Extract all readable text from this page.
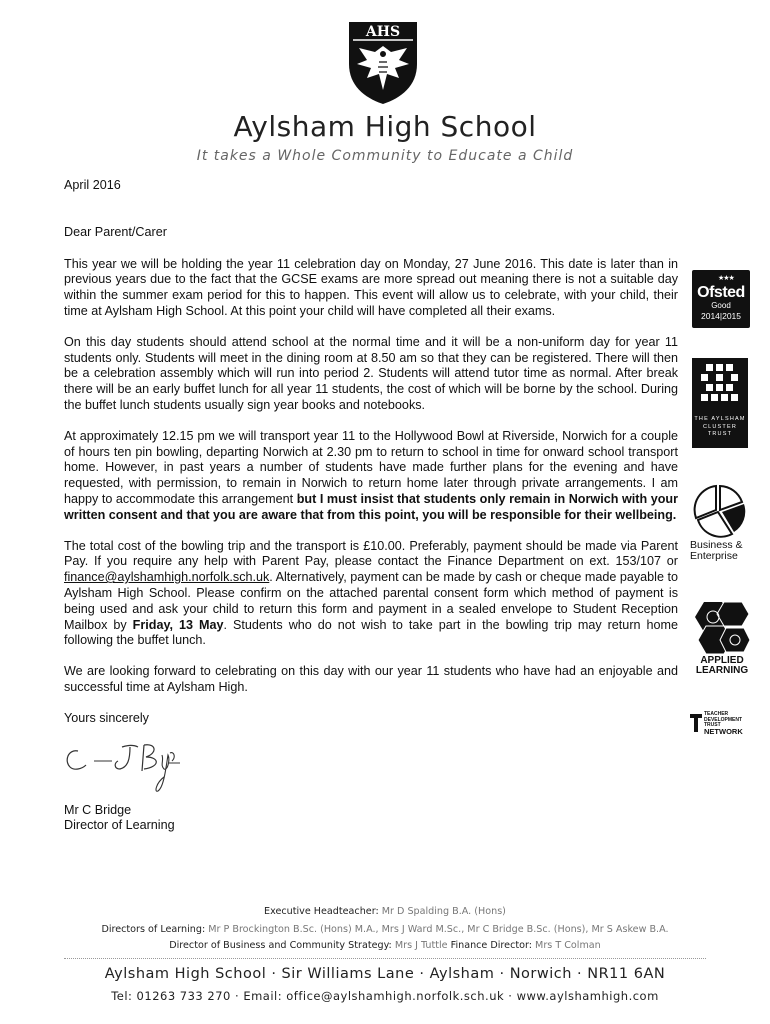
AHS
Aylsham High School
It takes a Whole Community to Educate a Child

April 2016

Dear Parent/Carer

This year we will be holding the year 11 celebration day on Monday, 27 June 2016. This date is later than in previous years due to the fact that the GCSE exams are more spread out meaning there is not a suitable day within the summer exam period for this to happen. This event will allow us to celebrate, with your child, their time at Aylsham High School. At this point your child will have completed all their exams.

On this day students should attend school at the normal time and it will be a non-uniform day for year 11 students only. Students will meet in the dining room at 8.50 am so that they can be registered. There will then be a celebration assembly which will run into period 2. Students will attend tutor time as normal. After break there will be an early buffet lunch for all year 11 students, the cost of which will be borne by the school. During the buffet lunch students usually sign year books and notebooks.

At approximately 12.15 pm we will transport year 11 to the Hollywood Bowl at Riverside, Norwich for a couple of hours ten pin bowling, departing Norwich at 2.30 pm to return to school in time for onward school transport home. However, in past years a number of students have made further plans for the evening and have requested, with permission, to remain in Norwich to return home later through private arrangements. I am happy to accommodate this arrangement but I must insist that students only remain in Norwich with your written consent and that you are aware that from this point, you will be responsible for their wellbeing.

The total cost of the bowling trip and the transport is £10.00. Preferably, payment should be made via Parent Pay. If you require any help with Parent Pay, please contact the Finance Department on ext. 153/107 or finance@aylshamhigh.norfolk.sch.uk. Alternatively, payment can be made by cash or cheque made payable to Aylsham High School. Please confirm on the attached parental consent form which method of payment is being used and ask your child to return this form and payment in a sealed envelope to Student Reception Mailbox by Friday, 13 May. Students who do not wish to take part in the bowling trip may return home following the buffet lunch.

We are looking forward to celebrating on this day with our year 11 students who have had an enjoyable and successful time at Aylsham High.

Yours sincerely

Mr C Bridge

Director of Learning

★★★
Ofsted
Good
2014|2015
THE AYLSHAM CLUSTER TRUST
Business & Enterprise
APPLIED LEARNING
TEACHER DEVELOPMENT TRUST
NETWORK
Executive Headteacher: Mr D Spalding B.A. (Hons)
Directors of Learning: Mr P Brockington B.Sc. (Hons) M.A., Mrs J Ward M.Sc., Mr C Bridge B.Sc. (Hons), Mr S Askew B.A.
Director of Business and Community Strategy: Mrs J Tuttle Finance Director: Mrs T Colman
Aylsham High School · Sir Williams Lane · Aylsham · Norwich · NR11 6AN
Tel: 01263 733 270 · Email: office@aylshamhigh.norfolk.sch.uk · www.aylshamhigh.com
